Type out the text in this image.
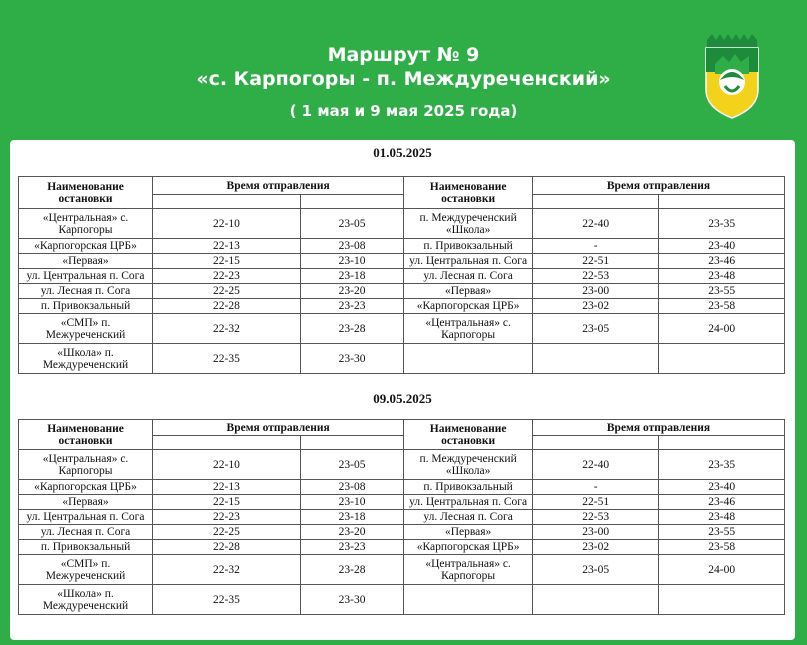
Маршрут № 9
«с. Карпогоры - п. Междуреченский»
( 1 мая и 9 мая 2025 года)
01.05.2025
Наименование остановки	Время отправления		Наименование остановки	Время отправления	

«Центральная» с. Карпогоры	22-10	23-05	п. Междуреченский «Школа»	22-40	23-35
«Карпогорская ЦРБ»	22-13	23-08	п. Привокзальный	-	23-40
«Первая»	22-15	23-10	ул. Центральная п. Сога	22-51	23-46
ул. Центральная п. Сога	22-23	23-18	ул. Лесная п. Сога	22-53	23-48
ул. Лесная п. Сога	22-25	23-20	«Первая»	23-00	23-55
п. Привокзальный	22-28	23-23	«Карпогорская ЦРБ»	23-02	23-58
«СМП» п. Межуреченский	22-32	23-28	«Центральная» с. Карпогоры	23-05	24-00
«Школа» п. Междуреченский	22-35	23-30			
09.05.2025
Наименование остановки	Время отправления		Наименование остановки	Время отправления	

«Центральная» с. Карпогоры	22-10	23-05	п. Междуреченский «Школа»	22-40	23-35
«Карпогорская ЦРБ»	22-13	23-08	п. Привокзальный	-	23-40
«Первая»	22-15	23-10	ул. Центральная п. Сога	22-51	23-46
ул. Центральная п. Сога	22-23	23-18	ул. Лесная п. Сога	22-53	23-48
ул. Лесная п. Сога	22-25	23-20	«Первая»	23-00	23-55
п. Привокзальный	22-28	23-23	«Карпогорская ЦРБ»	23-02	23-58
«СМП» п. Межуреченский	22-32	23-28	«Центральная» с. Карпогоры	23-05	24-00
«Школа» п. Междуреченский	22-35	23-30			
